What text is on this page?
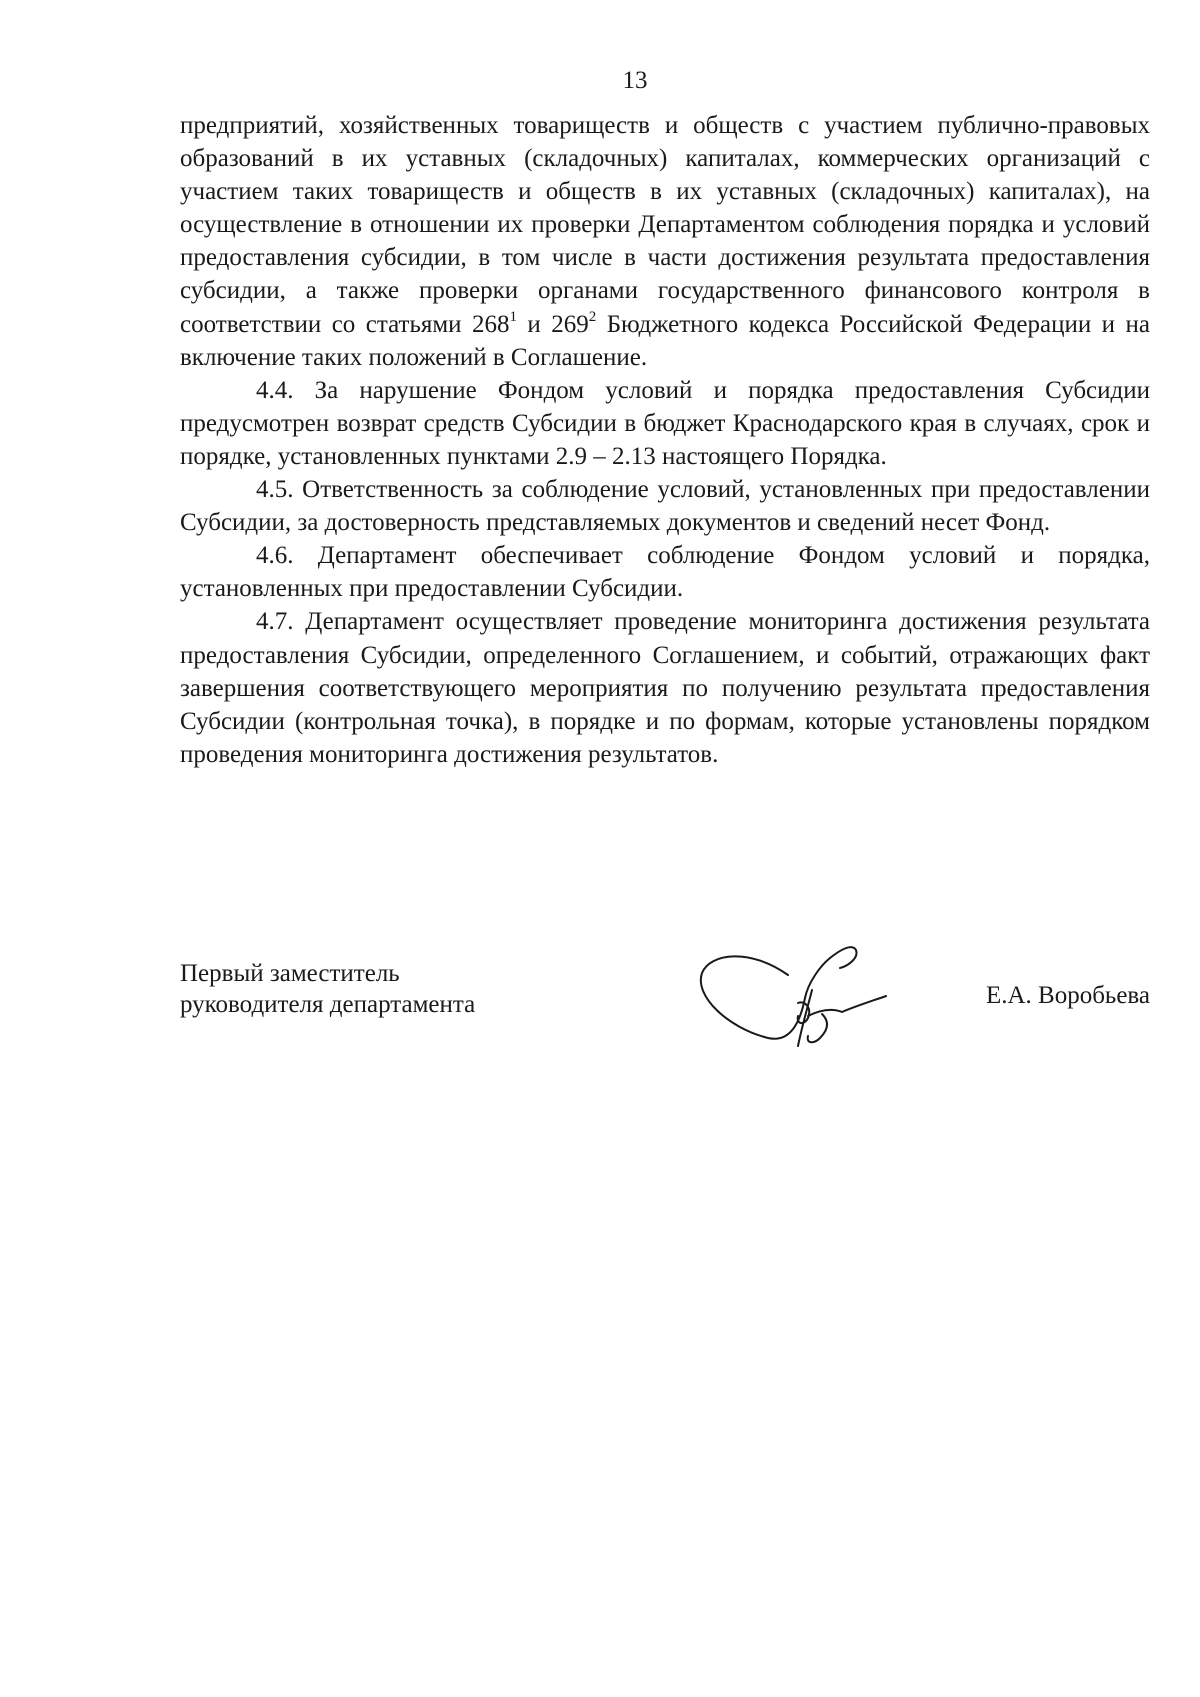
13

предприятий, хозяйственных товариществ и обществ с участием публично-правовых образований в их уставных (складочных) капиталах, коммерческих организаций с участием таких товариществ и обществ в их уставных (складочных) капиталах), на осуществление в отношении их проверки Департаментом соблюдения порядка и условий предоставления субсидии, в том числе в части достижения результата предоставления субсидии, а также проверки органами государственного финансового контроля в соответствии со статьями $268^1$ и $269^2$ Бюджетного кодекса Российской Федерации и на включение таких положений в Соглашение.

4.4. За нарушение Фондом условий и порядка предоставления Субсидии предусмотрен возврат средств Субсидии в бюджет Краснодарского края в случаях, срок и порядке, установленных пунктами 2.9 – 2.13 настоящего Порядка.

4.5. Ответственность за соблюдение условий, установленных при предоставлении Субсидии, за достоверность представляемых документов и сведений несет Фонд.

4.6. Департамент обеспечивает соблюдение Фондом условий и порядка, установленных при предоставлении Субсидии.

4.7. Департамент осуществляет проведение мониторинга достижения результата предоставления Субсидии, определенного Соглашением, и событий, отражающих факт завершения соответствующего мероприятия по получению результата предоставления Субсидии (контрольная точка), в порядке и по формам, которые установлены порядком проведения мониторинга достижения результатов.

Первый заместитель
руководителя департамента	Е.А. Воробьева
